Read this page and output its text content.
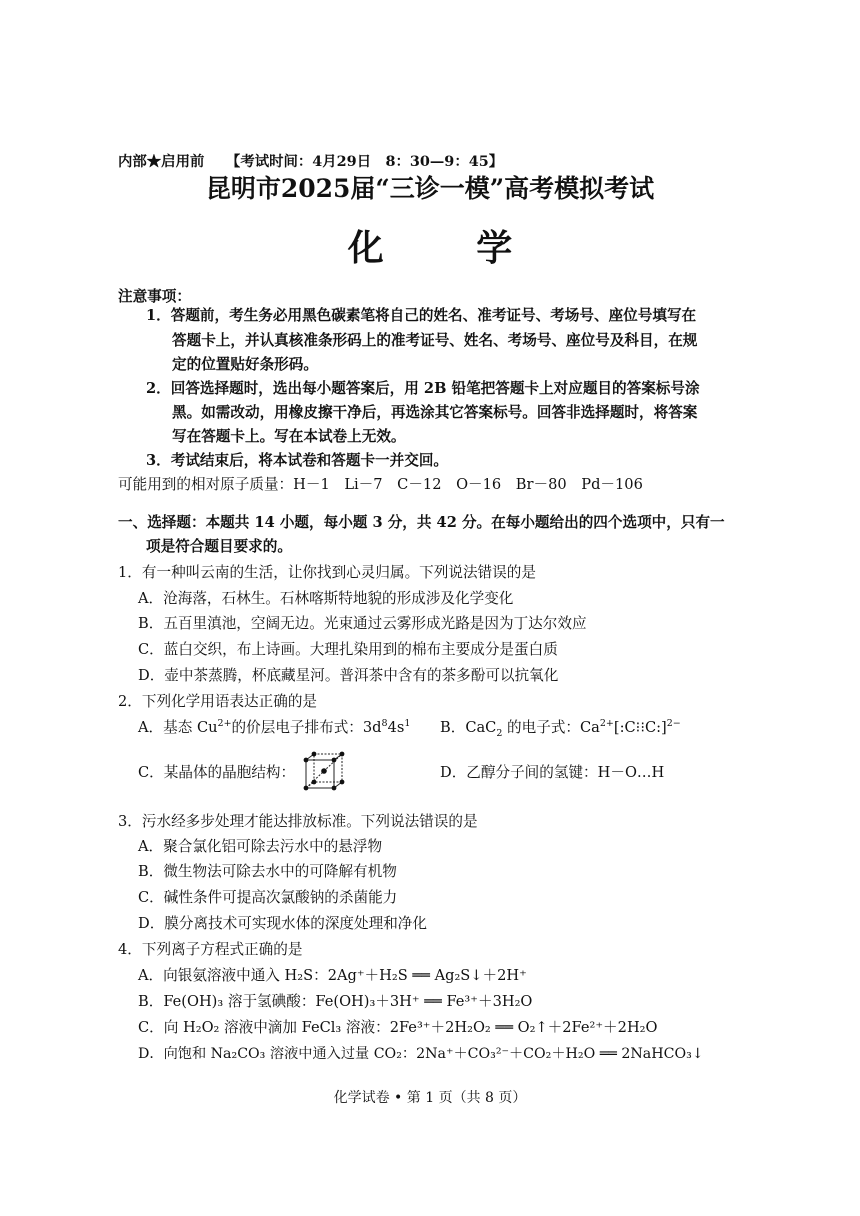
内部★启用前　　【考试时间：4月29日　8：30—9：45】
昆明市2025届“三诊一模”高考模拟考试
化 学
注意事项：
1．答题前，考生务必用黑色碳素笔将自己的姓名、准考证号、考场号、座位号填写在
答题卡上，并认真核准条形码上的准考证号、姓名、考场号、座位号及科目，在规
定的位置贴好条形码。
2．回答选择题时，选出每小题答案后，用 2B 铅笔把答题卡上对应题目的答案标号涂
黑。如需改动，用橡皮擦干净后，再选涂其它答案标号。回答非选择题时，将答案
写在答题卡上。写在本试卷上无效。
3．考试结束后，将本试卷和答题卡一并交回。
可能用到的相对原子质量：H－1　Li－7　C－12　O－16　Br－80　Pd－106
一、选择题：本题共 14 小题，每小题 3 分，共 42 分。在每小题给出的四个选项中，只有一
项是符合题目要求的。
1．有一种叫云南的生活，让你找到心灵归属。下列说法错误的是
A．沧海落，石林生。石林喀斯特地貌的形成涉及化学变化
B．五百里滇池，空阔无边。光束通过云雾形成光路是因为丁达尔效应
C．蓝白交织，布上诗画。大理扎染用到的棉布主要成分是蛋白质
D．壶中茶蒸腾，杯底藏星河。普洱茶中含有的茶多酚可以抗氧化
2．下列化学用语表达正确的是
A．基态 $Cu^{2+}$的价层电子排布式：$3d^84s^1$ B．CaC$_2$ 的电子式：$Ca^{2+}[:C⁝⁝C:]^{2-}$
C．某晶体的晶胞结构：	D．乙醇分子间的氢键：H－O…H
3．污水经多步处理才能达排放标准。下列说法错误的是
A．聚合氯化铝可除去污水中的悬浮物
B．微生物法可除去水中的可降解有机物
C．碱性条件可提高次氯酸钠的杀菌能力
D．膜分离技术可实现水体的深度处理和净化
4．下列离子方程式正确的是
A．向银氨溶液中通入 H₂S：2Ag⁺＋H₂S ══ Ag₂S↓＋2H⁺
B．Fe(OH)₃ 溶于氢碘酸：Fe(OH)₃＋3H⁺ ══ Fe³⁺＋3H₂O
C．向 H₂O₂ 溶液中滴加 FeCl₃ 溶液：2Fe³⁺＋2H₂O₂ ══ O₂↑＋2Fe²⁺＋2H₂O
D．向饱和 Na₂CO₃ 溶液中通入过量 CO₂：2Na⁺＋CO₃²⁻＋CO₂＋H₂O ══ 2NaHCO₃↓
化学试卷 • 第 1 页（共 8 页）
